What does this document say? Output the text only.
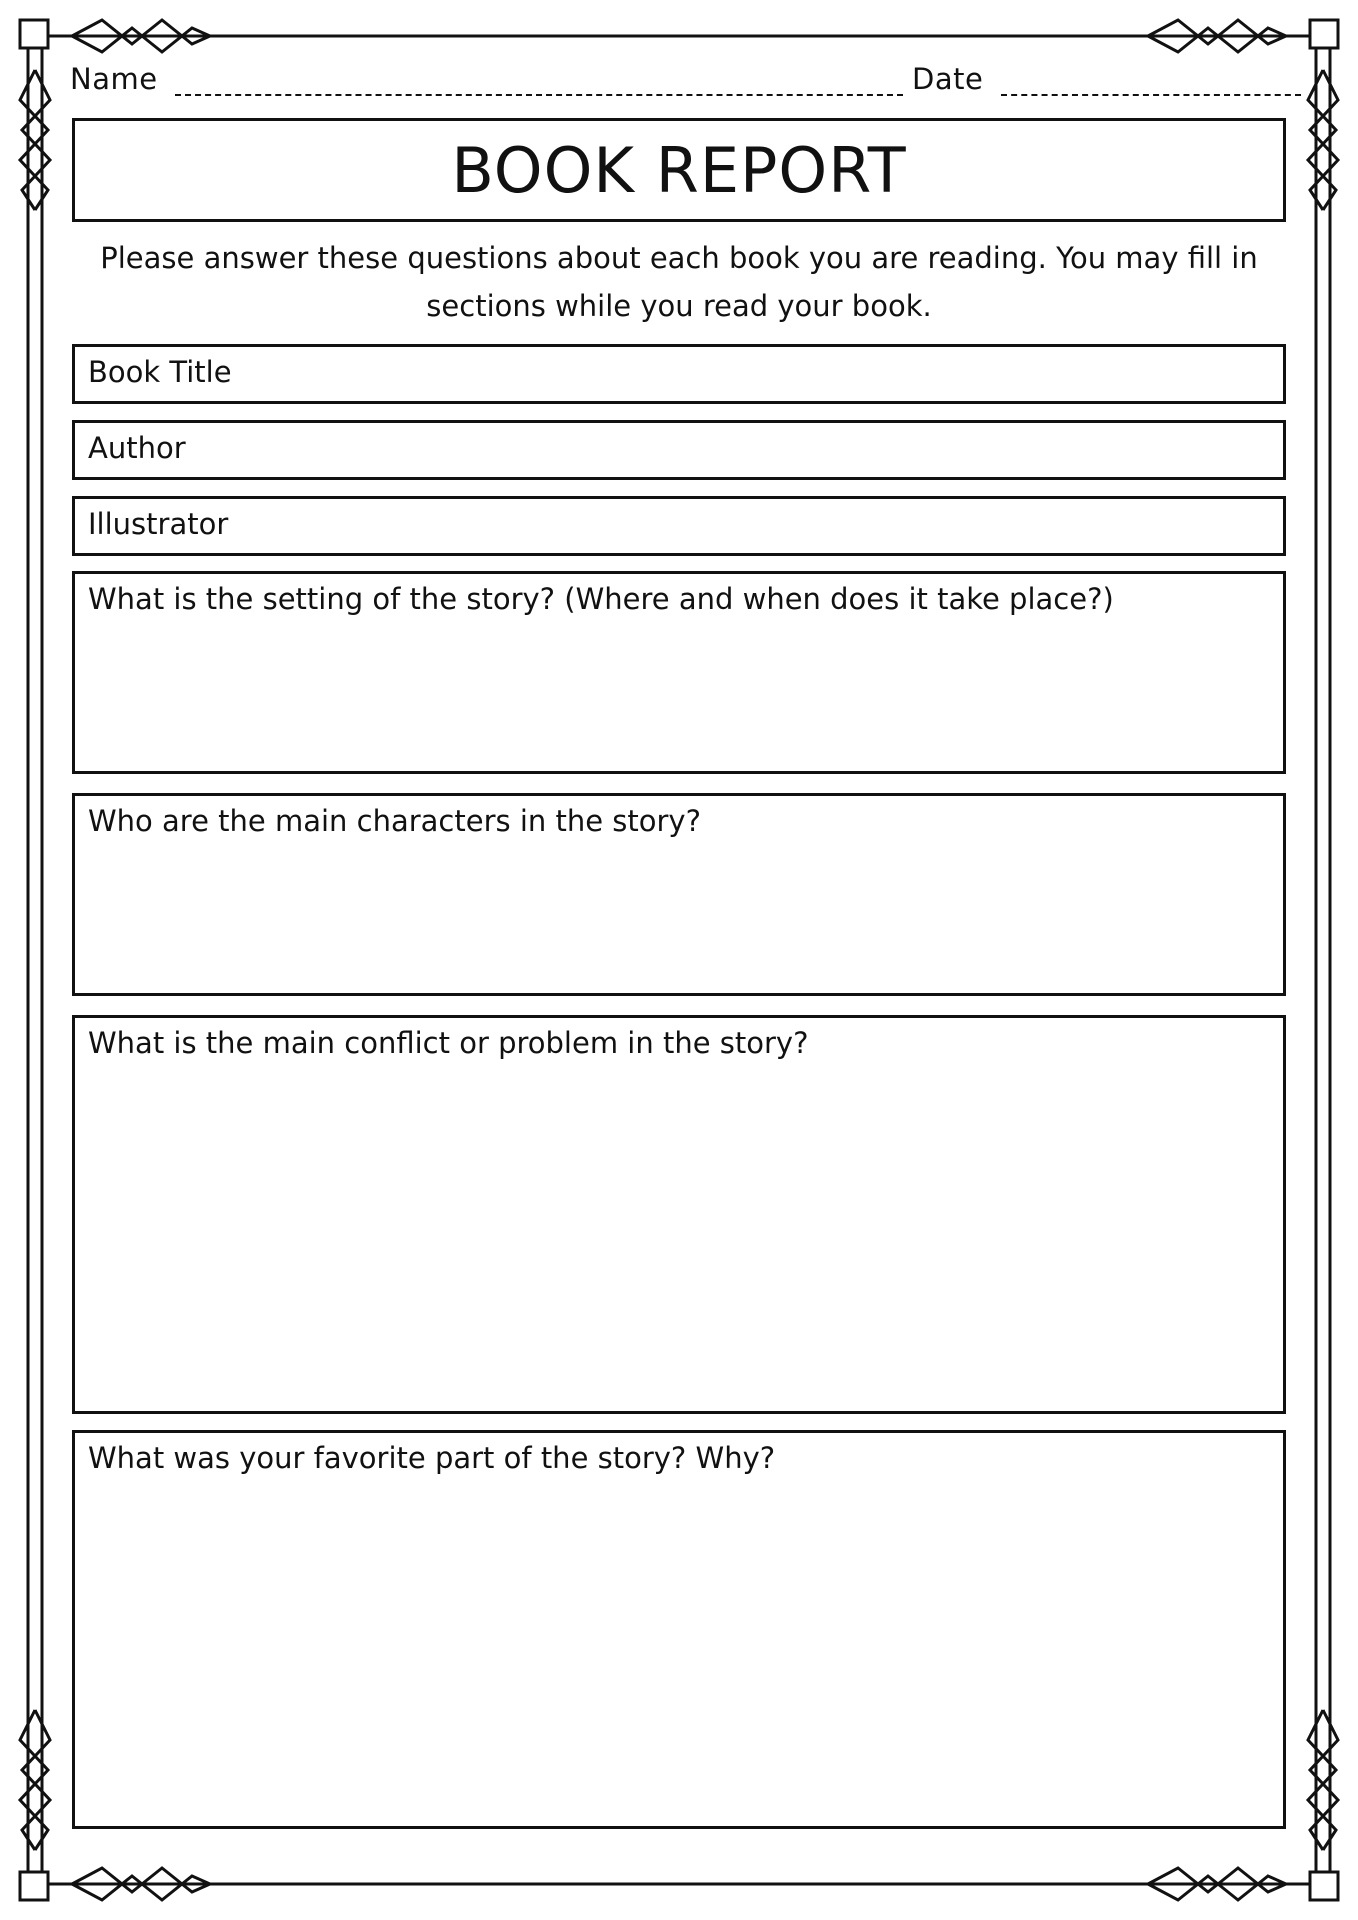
Name	Date
BOOK REPORT
Please answer these questions about each book you are reading. You may fill in sections while you read your book.
Book Title
Author
Illustrator
What is the setting of the story? (Where and when does it take place?)
Who are the main characters in the story?
What is the main conflict or problem in the story?
What was your favorite part of the story? Why?
